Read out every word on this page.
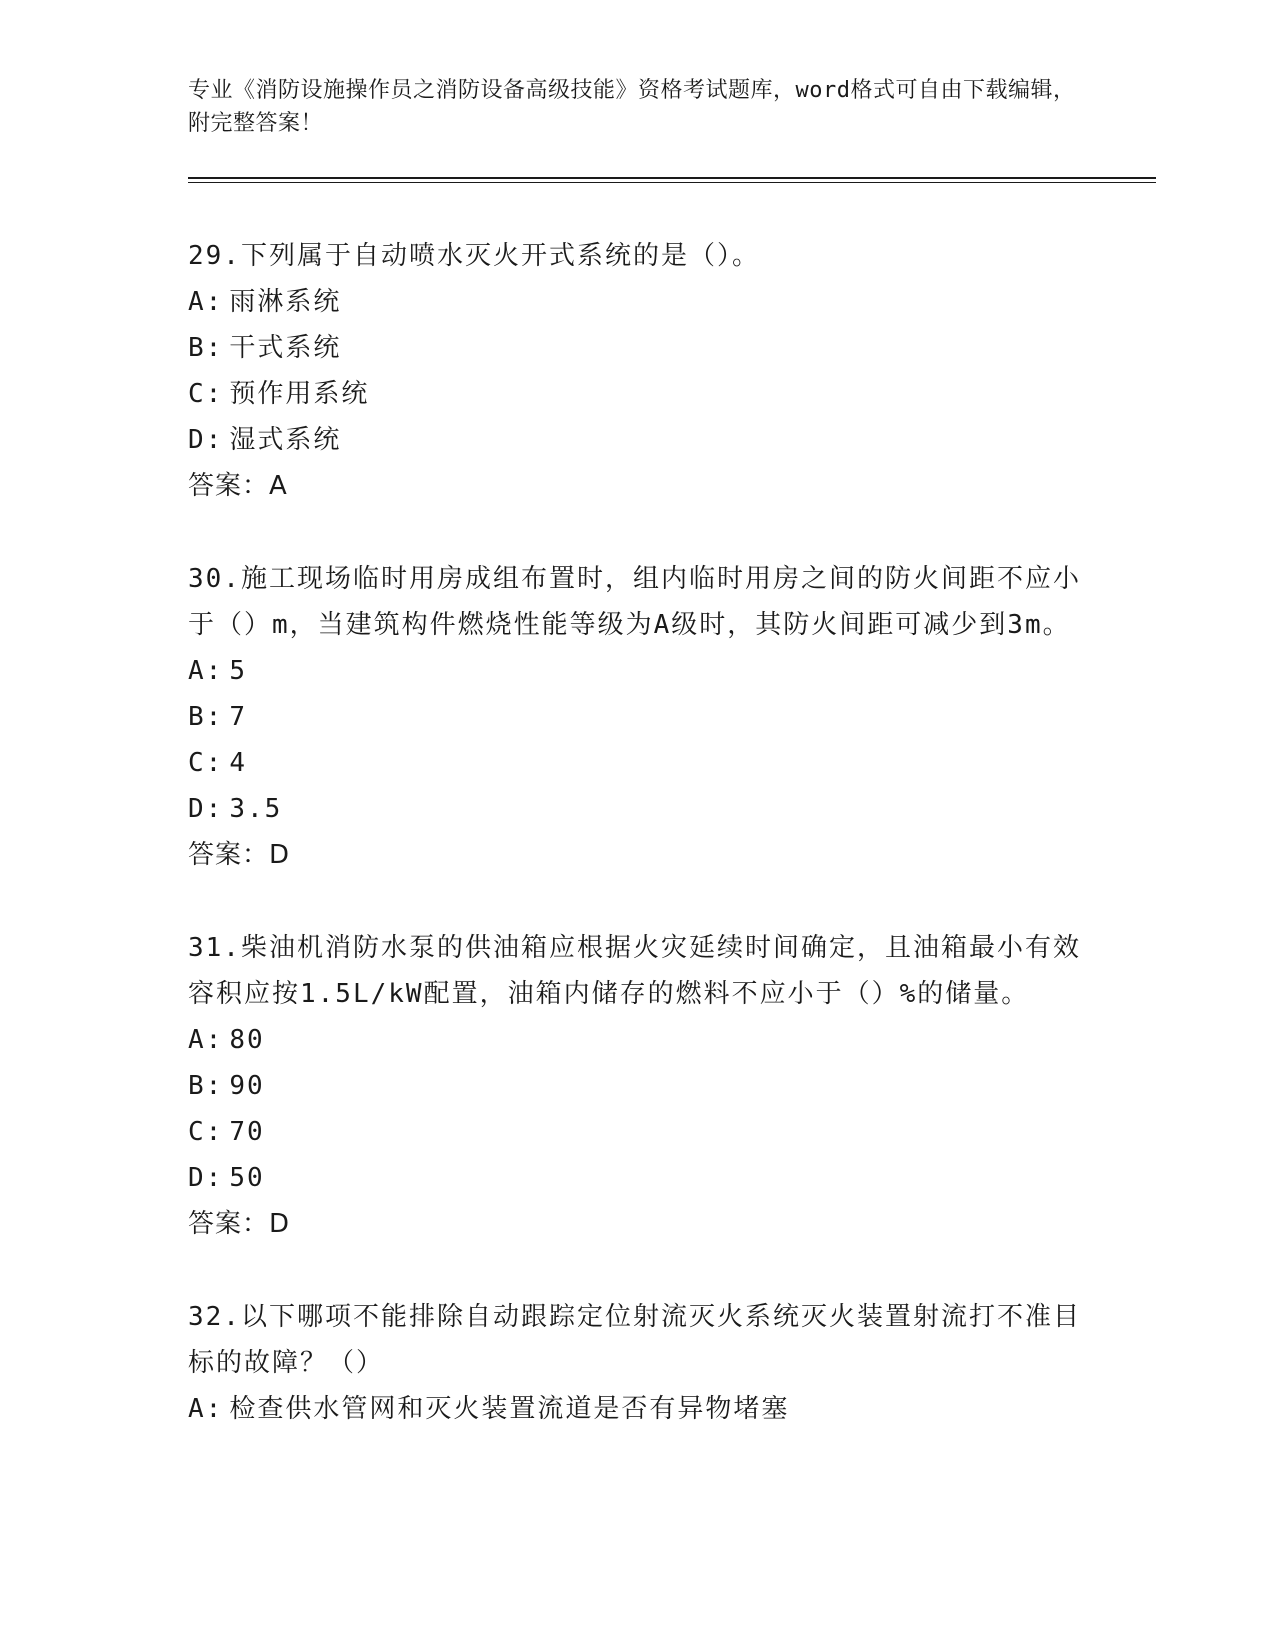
专业《消防设施操作员之消防设备高级技能》资格考试题库，word格式可自由下载编辑，附完整答案！

29.下列属于自动喷水灭火开式系统的是（）。

A: 雨淋系统
B: 干式系统
C: 预作用系统
D: 湿式系统
答案：A

30.施工现场临时用房成组布置时，组内临时用房之间的防火间距不应小于（）m，当建筑构件燃烧性能等级为A级时，其防火间距可减少到3m。

A: 5
B: 7
C: 4
D: 3.5
答案：D

31.柴油机消防水泵的供油箱应根据火灾延续时间确定，且油箱最小有效容积应按1.5L/kW配置，油箱内储存的燃料不应小于（）%的储量。

A: 80
B: 90
C: 70
D: 50
答案：D

32.以下哪项不能排除自动跟踪定位射流灭火系统灭火装置射流打不准目标的故障？（）

A: 检查供水管网和灭火装置流道是否有异物堵塞
